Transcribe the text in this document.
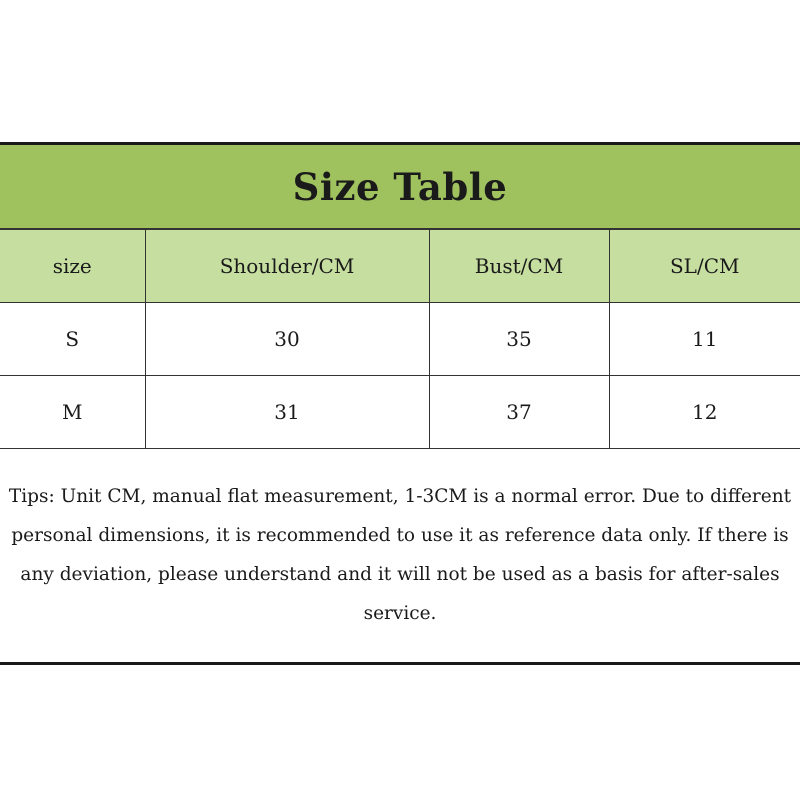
Size Table
size	Shoulder/CM	Bust/CM	SL/CM
S	30	35	11
M	31	37	12
Tips: Unit CM, manual flat measurement, 1-3CM is a normal error. Due to different personal dimensions, it is recommended to use it as reference data only. If there is any deviation, please understand and it will not be used as a basis for after-sales service.
